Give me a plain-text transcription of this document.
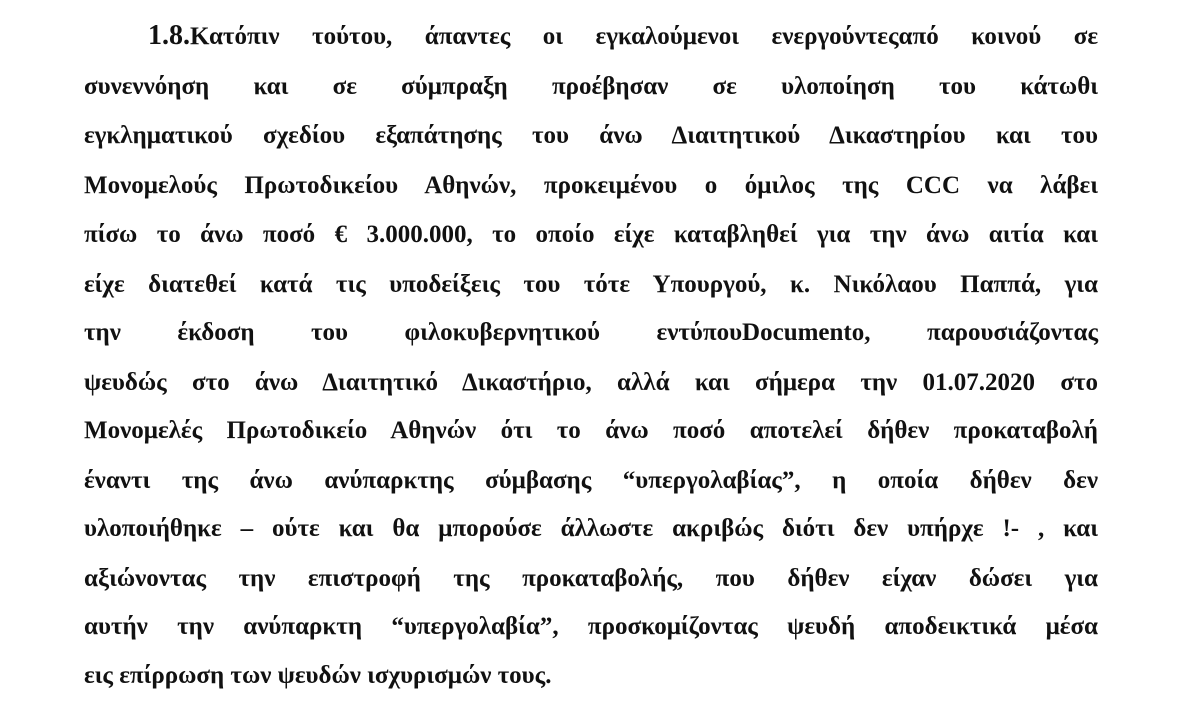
1.8.Κατόπιν τούτου, άπαντες οι εγκαλούμενοι ενεργούντεςαπό κοινού σε
συνεννόηση και σε σύμπραξη προέβησαν σε υλοποίηση του κάτωθι
εγκληματικού σχεδίου εξαπάτησης του άνω Διαιτητικού Δικαστηρίου και του
Μονομελούς Πρωτοδικείου Αθηνών, προκειμένου ο όμιλος της CCC να λάβει
πίσω το άνω ποσό € 3.000.000, το οποίο είχε καταβληθεί για την άνω αιτία και
είχε διατεθεί κατά τις υποδείξεις του τότε Υπουργού, κ. Νικόλαου Παππά, για
την έκδοση του φιλοκυβερνητικού εντύπουDocumento, παρουσιάζοντας
ψευδώς στο άνω Διαιτητικό Δικαστήριο, αλλά και σήμερα την 01.07.2020 στο
Μονομελές Πρωτοδικείο Αθηνών ότι το άνω ποσό αποτελεί δήθεν προκαταβολή
έναντι της άνω ανύπαρκτης σύμβασης “υπεργολαβίας”, η οποία δήθεν δεν
υλοποιήθηκε – ούτε και θα μπορούσε άλλωστε ακριβώς διότι δεν υπήρχε !- , και
αξιώνοντας την επιστροφή της προκαταβολής, που δήθεν είχαν δώσει για
αυτήν την ανύπαρκτη “υπεργολαβία”, προσκομίζοντας ψευδή αποδεικτικά μέσα
εις επίρρωση των ψευδών ισχυρισμών τους.
